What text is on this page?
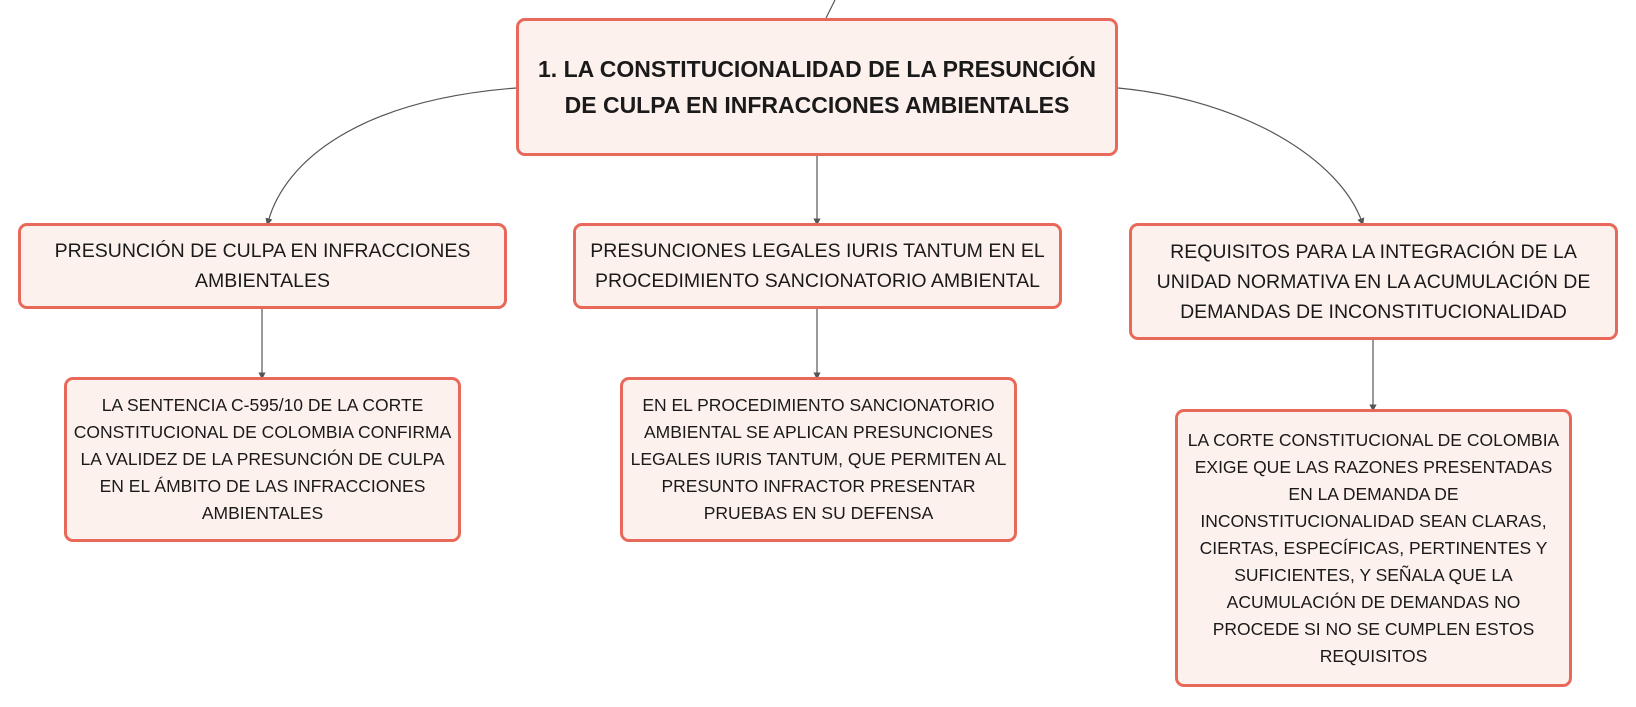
1. LA CONSTITUCIONALIDAD DE LA PRESUNCIÓN DE CULPA EN INFRACCIONES AMBIENTALES
PRESUNCIÓN DE CULPA EN INFRACCIONES AMBIENTALES
PRESUNCIONES LEGALES IURIS TANTUM EN EL PROCEDIMIENTO SANCIONATORIO AMBIENTAL
REQUISITOS PARA LA INTEGRACIÓN DE LA UNIDAD NORMATIVA EN LA ACUMULACIÓN DE DEMANDAS DE INCONSTITUCIONALIDAD
LA SENTENCIA C-595/10 DE LA CORTE CONSTITUCIONAL DE COLOMBIA CONFIRMA LA VALIDEZ DE LA PRESUNCIÓN DE CULPA EN EL ÁMBITO DE LAS INFRACCIONES AMBIENTALES
EN EL PROCEDIMIENTO SANCIONATORIO AMBIENTAL SE APLICAN PRESUNCIONES LEGALES IURIS TANTUM, QUE PERMITEN AL PRESUNTO INFRACTOR PRESENTAR PRUEBAS EN SU DEFENSA
LA CORTE CONSTITUCIONAL DE COLOMBIA EXIGE QUE LAS RAZONES PRESENTADAS EN LA DEMANDA DE INCONSTITUCIONALIDAD SEAN CLARAS, CIERTAS, ESPECÍFICAS, PERTINENTES Y SUFICIENTES, Y SEÑALA QUE LA ACUMULACIÓN DE DEMANDAS NO PROCEDE SI NO SE CUMPLEN ESTOS REQUISITOS
